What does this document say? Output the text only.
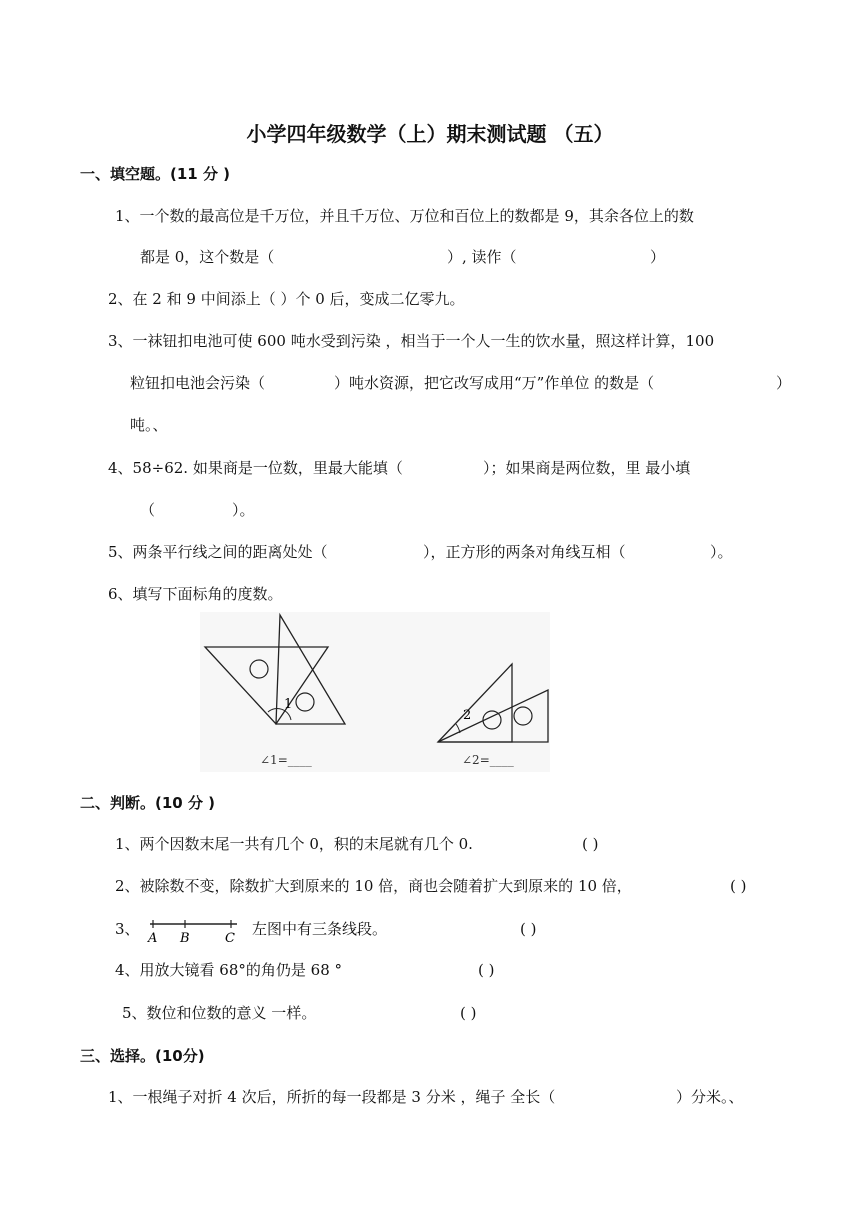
小学四年级数学（上）期末测试题 （五）
一、填空题。(11 分 )
1、一个数的最高位是千万位，并且千万位、万位和百位上的数都是 9，其余各位上的数
都是 0，这个数是（	）, 读作（	）
2、在 2 和 9 中间添上（ ）个 0 后，变成二亿零九。
3、一袜钮扣电池可使 600 吨水受到污染 ，相当于一个人一生的饮水量，照这样计算，100
粒钮扣电池会污染（	）吨水资源，把它改写成用“万”作单位 的数是（	）
吨。、
4、58÷62. 如果商是一位数，里最大能填（	）；如果商是两位数，里 最小填
（	）。
5、两条平行线之间的距离处处（	），正方形的两条对角线互相（	）。
6、填写下面标角的度数。
1
∠1=____
2
∠2=____
二、判断。(10 分 )
1、两个因数末尾一共有几个 0，积的末尾就有几个 0.	( )
2、被除数不变，除数扩大到原来的 10 倍，商也会随着扩大到原来的 10 倍，	( )
3、
A B	C
左图中有三条线段。	( )
4、用放大镜看 68°的角仍是 68 °	( )
5、数位和位数的意义 一样。	( )
三、选择。(10分)
1、一根绳子对折 4 次后，所折的每一段都是 3 分米 ，绳子 全长（	）分米。、
